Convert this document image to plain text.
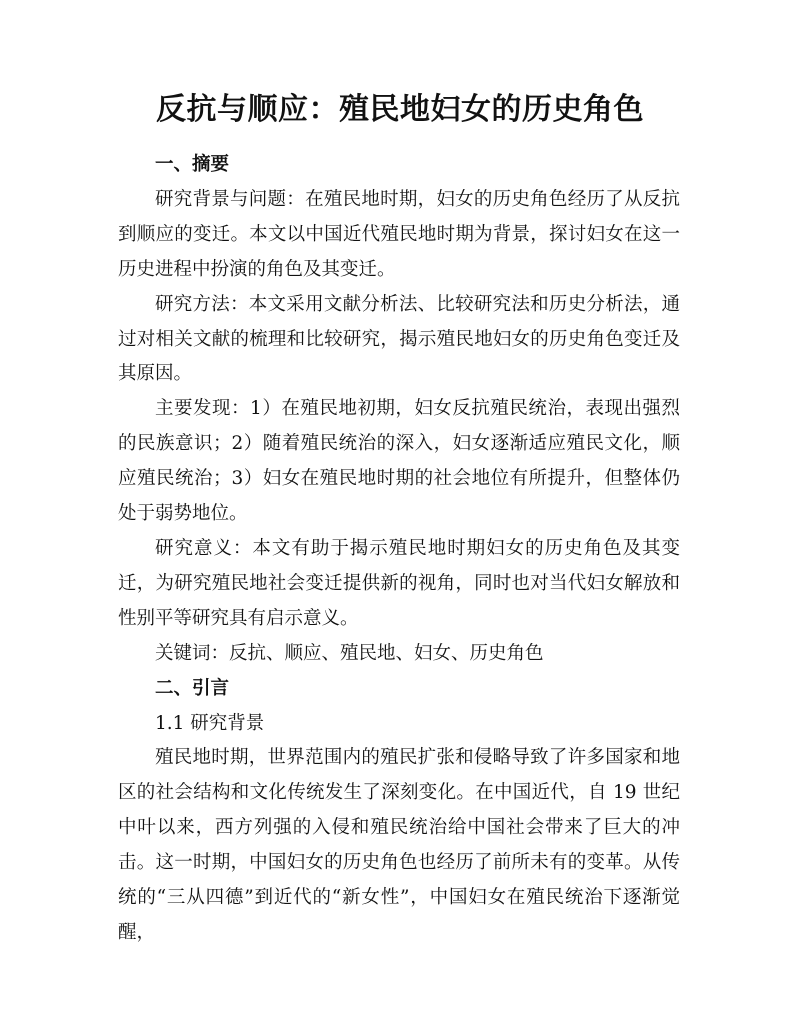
反抗与顺应：殖民地妇女的历史角色

一、摘要

研究背景与问题：在殖民地时期，妇女的历史角色经历了从反抗到顺应的变迁。本文以中国近代殖民地时期为背景，探讨妇女在这一历史进程中扮演的角色及其变迁。

研究方法：本文采用文献分析法、比较研究法和历史分析法，通过对相关文献的梳理和比较研究，揭示殖民地妇女的历史角色变迁及其原因。

主要发现：1）在殖民地初期，妇女反抗殖民统治，表现出强烈的民族意识；2）随着殖民统治的深入，妇女逐渐适应殖民文化，顺应殖民统治；3）妇女在殖民地时期的社会地位有所提升，但整体仍处于弱势地位。

研究意义：本文有助于揭示殖民地时期妇女的历史角色及其变迁，为研究殖民地社会变迁提供新的视角，同时也对当代妇女解放和性别平等研究具有启示意义。

关键词：反抗、顺应、殖民地、妇女、历史角色

二、引言

1.1 研究背景

殖民地时期，世界范围内的殖民扩张和侵略导致了许多国家和地区的社会结构和文化传统发生了深刻变化。在中国近代，自 19 世纪中叶以来，西方列强的入侵和殖民统治给中国社会带来了巨大的冲击。这一时期，中国妇女的历史角色也经历了前所未有的变革。从传统的“三从四德”到近代的“新女性”，中国妇女在殖民统治下逐渐觉醒，
